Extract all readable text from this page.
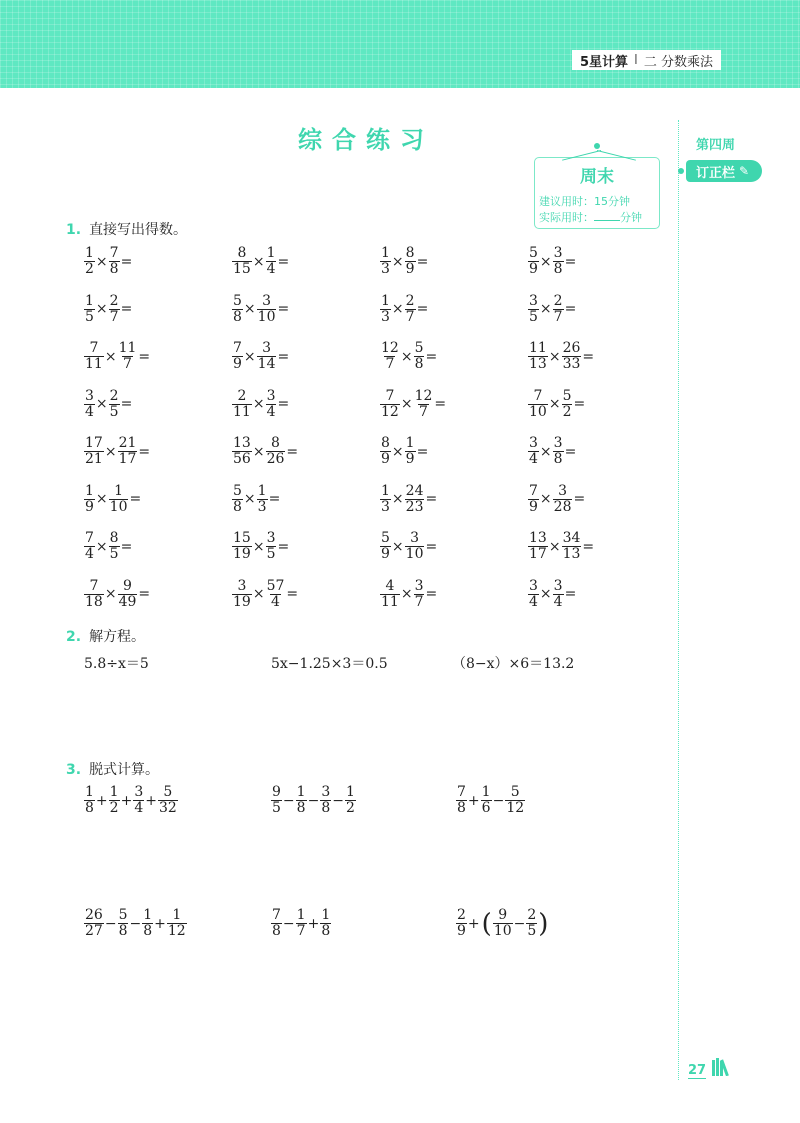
5星计算 I 二 分数乘法
综合练习
周末
建议用时：15分钟
实际用时： 分钟
第四周
订正栏 ✎
1. 直接写出得数。
$\frac{1}{2} \times \frac{7}{8}$ =	$\frac{8}{15} \times \frac{1}{4}$ =	$\frac{1}{3} \times \frac{8}{9}$ =	$\frac{5}{9} \times \frac{3}{8}$ =
$\frac{1}{5} \times \frac{2}{7}$ =	$\frac{5}{8} \times \frac{3}{10}$ =	$\frac{1}{3} \times \frac{2}{7}$ =	$\frac{3}{5} \times \frac{2}{7}$ =
$\frac{7}{11} \times \frac{11}{7}$ =	$\frac{7}{9} \times \frac{3}{14}$ =	$\frac{12}{7} \times \frac{5}{8}$ =	$\frac{11}{13} \times \frac{26}{33}$ =
$\frac{3}{4} \times \frac{2}{5}$ =	$\frac{2}{11} \times \frac{3}{4}$ =	$\frac{7}{12} \times \frac{12}{7}$ =	$\frac{7}{10} \times \frac{5}{2}$ =
$\frac{17}{21} \times \frac{21}{17}$ =	$\frac{13}{56} \times \frac{8}{26}$ =	$\frac{8}{9} \times \frac{1}{9}$ =	$\frac{3}{4} \times \frac{3}{8}$ =
$\frac{1}{9} \times \frac{1}{10}$ =	$\frac{5}{8} \times \frac{1}{3}$ =	$\frac{1}{3} \times \frac{24}{23}$ =	$\frac{7}{9} \times \frac{3}{28}$ =
$\frac{7}{4} \times \frac{8}{5}$ =	$\frac{15}{19} \times \frac{3}{5}$ =	$\frac{5}{9} \times \frac{3}{10}$ =	$\frac{13}{17} \times \frac{34}{13}$ =
$\frac{7}{18} \times \frac{9}{49}$ =	$\frac{3}{19} \times \frac{57}{4}$ =	$\frac{4}{11} \times \frac{3}{7}$ =	$\frac{3}{4} \times \frac{3}{4}$ =
2. 解方程。
5.8÷x＝5	5x−1.25×3＝0.5	（8−x）×6＝13.2
3. 脱式计算。
$\frac{1}{8} + \frac{1}{2} + \frac{3}{4} + \frac{5}{32}$	$\frac{9}{5} - \frac{1}{8} - \frac{3}{8} - \frac{1}{2}$	$\frac{7}{8} + \frac{1}{6} - \frac{5}{12}$
$\frac{26}{27} - \frac{5}{8} - \frac{1}{8} + \frac{1}{12}$	$\frac{7}{8} - \frac{1}{7} + \frac{1}{8}$	$\frac{2}{9}$ + ( $\frac{9}{10} - \frac{2}{5}$ )
27
